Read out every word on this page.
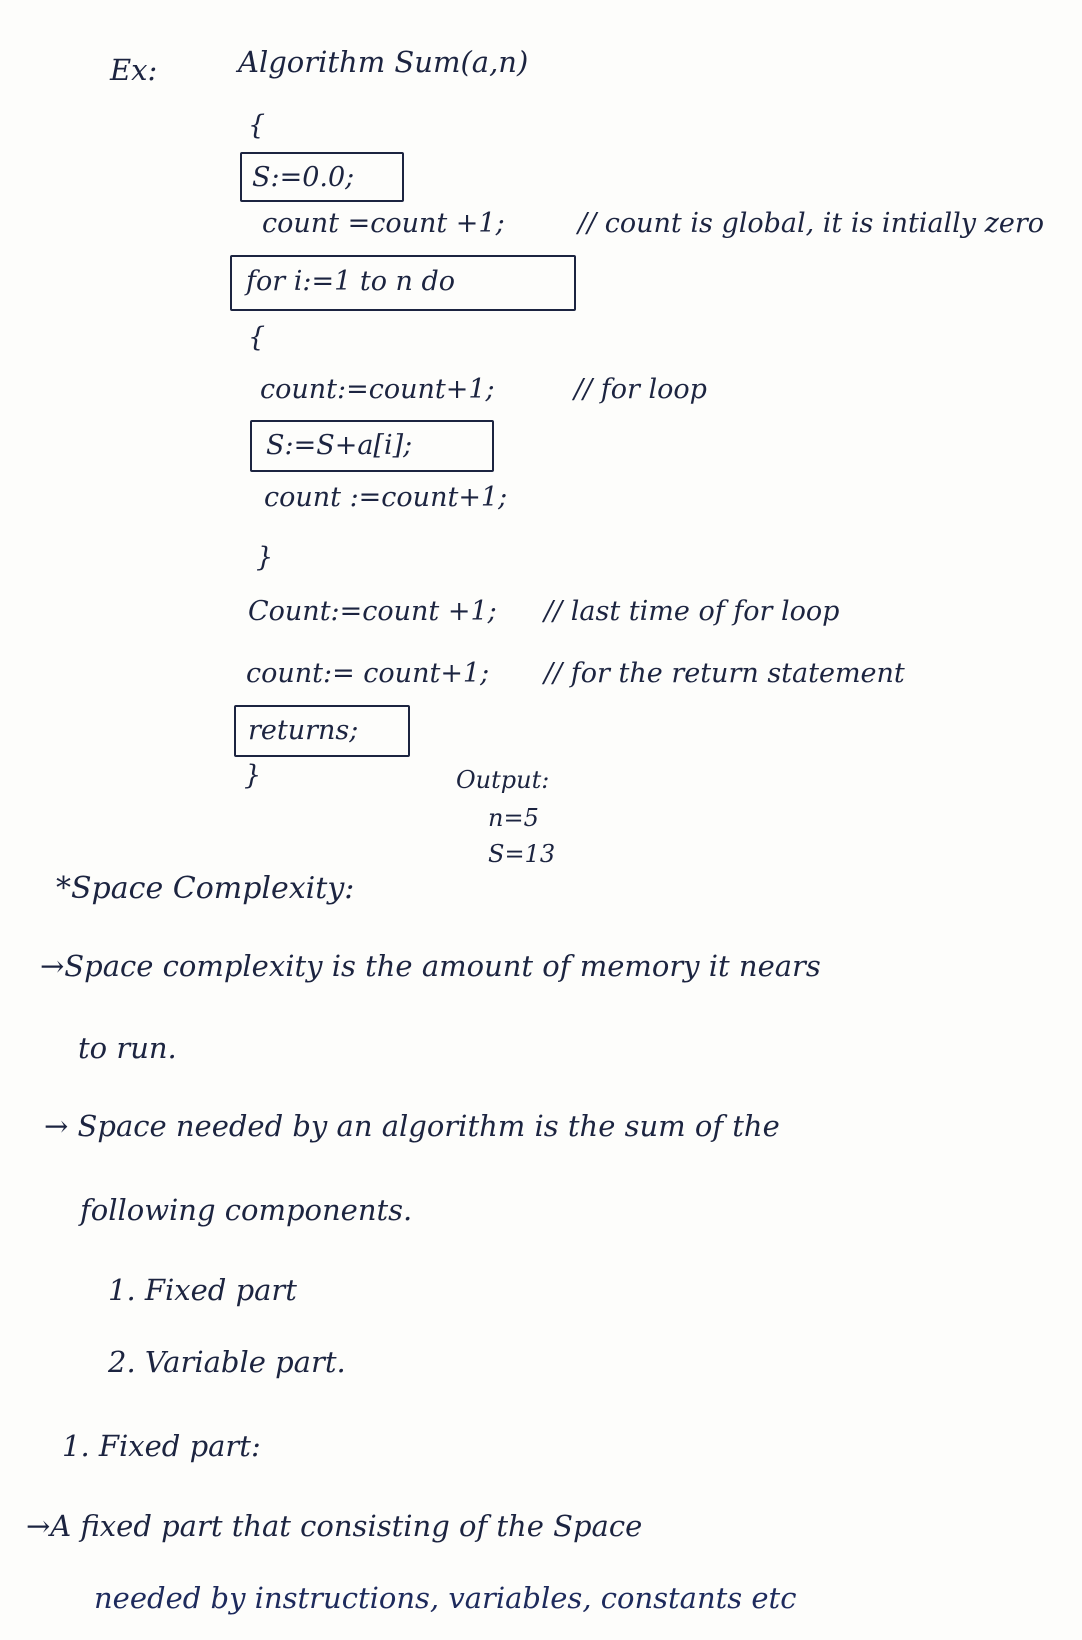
Ex:	Algorithm Sum(a,n)
{
S:=0.0;
count =count +1;	// count is global, it is intially zero
for i:=1 to n do
{
count:=count+1;	// for loop
S:=S+a[i];
count :=count+1;
}
Count:=count +1; // last time of for loop
count:= count+1; // for the return statement
returns;
}	Output:
n=5
S=13
*Space Complexity:
→Space complexity is the amount of memory it nears
to run.
→ Space needed by an algorithm is the sum of the
following components.
1. Fixed part
2. Variable part.
1. Fixed part:
→A fixed part that consisting of the Space
needed by instructions, variables, constants etc
